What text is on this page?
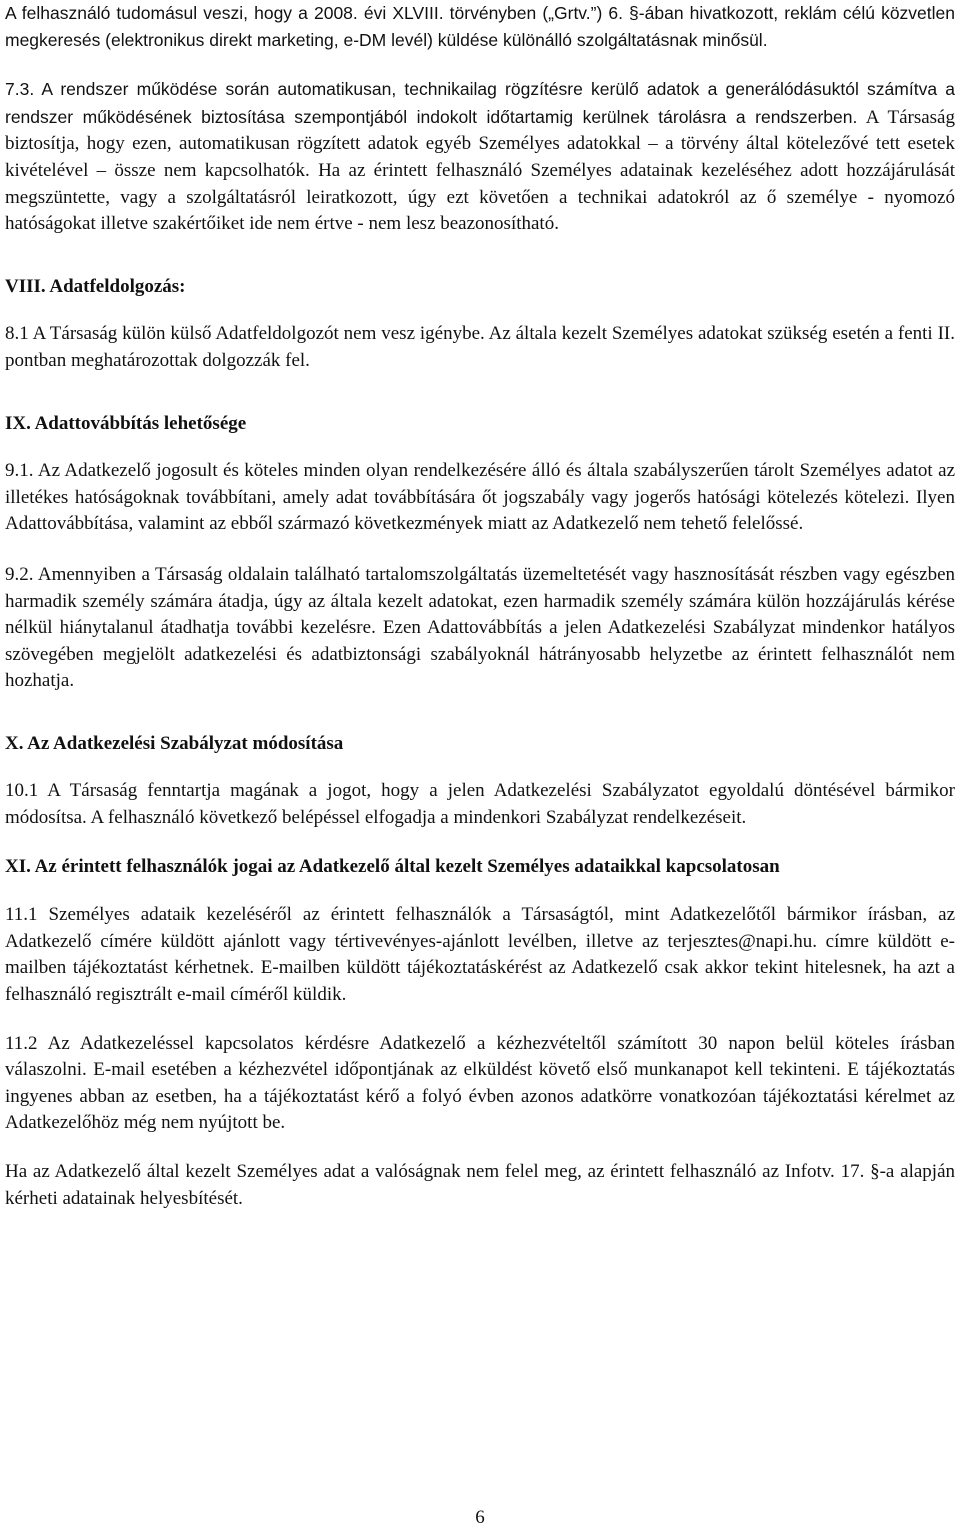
A felhasználó tudomásul veszi, hogy a 2008. évi XLVIII. törvényben („Grtv.”) 6. §-ában hivatkozott, reklám célú közvetlen megkeresés (elektronikus direkt marketing, e-DM levél) küldése különálló szolgáltatásnak minősül.

7.3. A rendszer működése során automatikusan, technikailag rögzítésre kerülő adatok a generálódásuktól számítva a rendszer működésének biztosítása szempontjából indokolt időtartamig kerülnek tárolásra a rendszerben. A Társaság biztosítja, hogy ezen, automatikusan rögzített adatok egyéb Személyes adatokkal – a törvény által kötelezővé tett esetek kivételével – össze nem kapcsolhatók. Ha az érintett felhasználó Személyes adatainak kezeléséhez adott hozzájárulását megszüntette, vagy a szolgáltatásról leiratkozott, úgy ezt követően a technikai adatokról az ő személye - nyomozó hatóságokat illetve szakértőiket ide nem értve - nem lesz beazonosítható.

VIII. Adatfeldolgozás:

8.1 A Társaság külön külső Adatfeldolgozót nem vesz igénybe. Az általa kezelt Személyes adatokat szükség esetén a fenti II. pontban meghatározottak dolgozzák fel.

IX. Adattovábbítás lehetősége

9.1. Az Adatkezelő jogosult és köteles minden olyan rendelkezésére álló és általa szabályszerűen tárolt Személyes adatot az illetékes hatóságoknak továbbítani, amely adat továbbítására őt jogszabály vagy jogerős hatósági kötelezés kötelezi. Ilyen Adattovábbítása, valamint az ebből származó következmények miatt az Adatkezelő nem tehető felelőssé.

9.2. Amennyiben a Társaság oldalain található tartalomszolgáltatás üzemeltetését vagy hasznosítását részben vagy egészben harmadik személy számára átadja, úgy az általa kezelt adatokat, ezen harmadik személy számára külön hozzájárulás kérése nélkül hiánytalanul átadhatja további kezelésre. Ezen Adattovábbítás a jelen Adatkezelési Szabályzat mindenkor hatályos szövegében megjelölt adatkezelési és adatbiztonsági szabályoknál hátrányosabb helyzetbe az érintett felhasználót nem hozhatja.

X. Az Adatkezelési Szabályzat módosítása

10.1 A Társaság fenntartja magának a jogot, hogy a jelen Adatkezelési Szabályzatot egyoldalú döntésével bármikor módosítsa. A felhasználó következő belépéssel elfogadja a mindenkori Szabályzat rendelkezéseit.

XI. Az érintett felhasználók jogai az Adatkezelő által kezelt Személyes adataikkal kapcsolatosan

11.1 Személyes adataik kezeléséről az érintett felhasználók a Társaságtól, mint Adatkezelőtől bármikor írásban, az Adatkezelő címére küldött ajánlott vagy tértivevényes-ajánlott levélben, illetve az terjesztes@napi.hu. címre küldött e-mailben tájékoztatást kérhetnek. E-mailben küldött tájékoztatáskérést az Adatkezelő csak akkor tekint hitelesnek, ha azt a felhasználó regisztrált e-mail címéről küldik.

11.2 Az Adatkezeléssel kapcsolatos kérdésre Adatkezelő a kézhezvételtől számított 30 napon belül köteles írásban válaszolni. E-mail esetében a kézhezvétel időpontjának az elküldést követő első munkanapot kell tekinteni. E tájékoztatás ingyenes abban az esetben, ha a tájékoztatást kérő a folyó évben azonos adatkörre vonatkozóan tájékoztatási kérelmet az Adatkezelőhöz még nem nyújtott be.

Ha az Adatkezelő által kezelt Személyes adat a valóságnak nem felel meg, az érintett felhasználó az Infotv. 17. §-a alapján kérheti adatainak helyesbítését.

6
